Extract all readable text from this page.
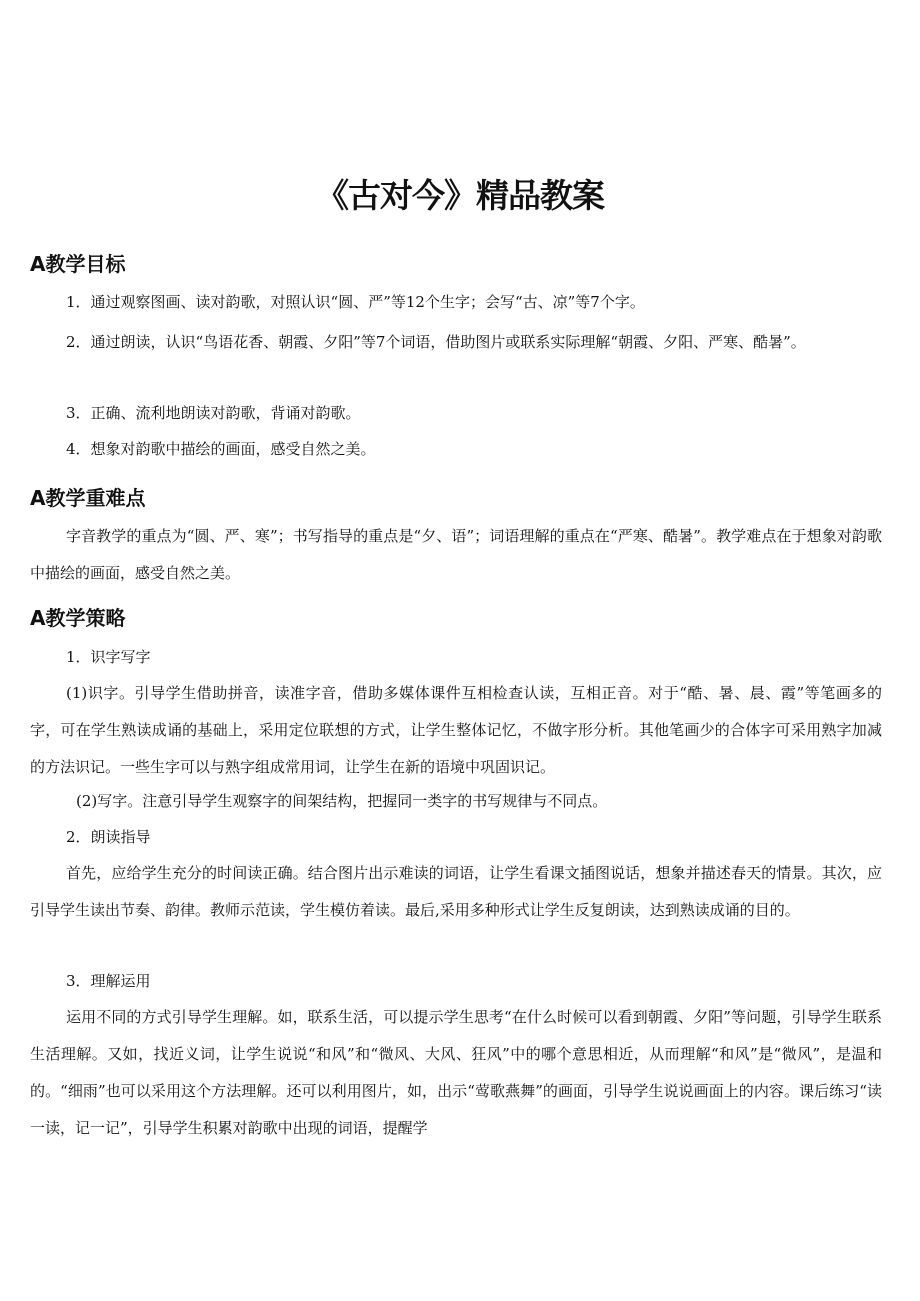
《古对今》精品教案
A教学目标
1．通过观察图画、读对韵歌，对照认识“圆、严”等12个生字；会写“古、凉”等7个字。

2．通过朗读，认识“鸟语花香、朝霞、夕阳”等7个词语，借助图片或联系实际理解“朝霞、夕阳、严寒、酷暑”。

3．正确、流利地朗读对韵歌，背诵对韵歌。
4．想象对韵歌中描绘的画面，感受自然之美。
A教学重难点

字音教学的重点为“圆、严、寒”；书写指导的重点是“夕、语”；词语理解的重点在“严寒、酷暑”。教学难点在于想象对韵歌中描绘的画面，感受自然之美。

A教学策略
1．识字写字

(1)识字。引导学生借助拼音，读准字音，借助多媒体课件互相检查认读，互相正音。对于“酷、暑、晨、霞”等笔画多的字，可在学生熟读成诵的基础上，采用定位联想的方式，让学生整体记忆，不做字形分析。其他笔画少的合体字可采用熟字加减的方法识记。一些生字可以与熟字组成常用词，让学生在新的语境中巩固识记。

(2)写字。注意引导学生观察字的间架结构，把握同一类字的书写规律与不同点。
2．朗读指导

首先，应给学生充分的时间读正确。结合图片出示难读的词语，让学生看课文插图说话，想象并描述春天的情景。其次，应引导学生读出节奏、韵律。教师示范读，学生模仿着读。最后,采用多种形式让学生反复朗读，达到熟读成诵的目的。

3．理解运用

运用不同的方式引导学生理解。如，联系生活，可以提示学生思考“在什么时候可以看到朝霞、夕阳”等问题，引导学生联系生活理解。又如，找近义词，让学生说说“和风”和“微风、大风、狂风”中的哪个意思相近，从而理解“和风”是“微风”，是温和的。“细雨”也可以采用这个方法理解。还可以利用图片，如，出示“莺歌燕舞”的画面，引导学生说说画面上的内容。课后练习“读一读，记一记”，引导学生积累对韵歌中出现的词语，提醒学
